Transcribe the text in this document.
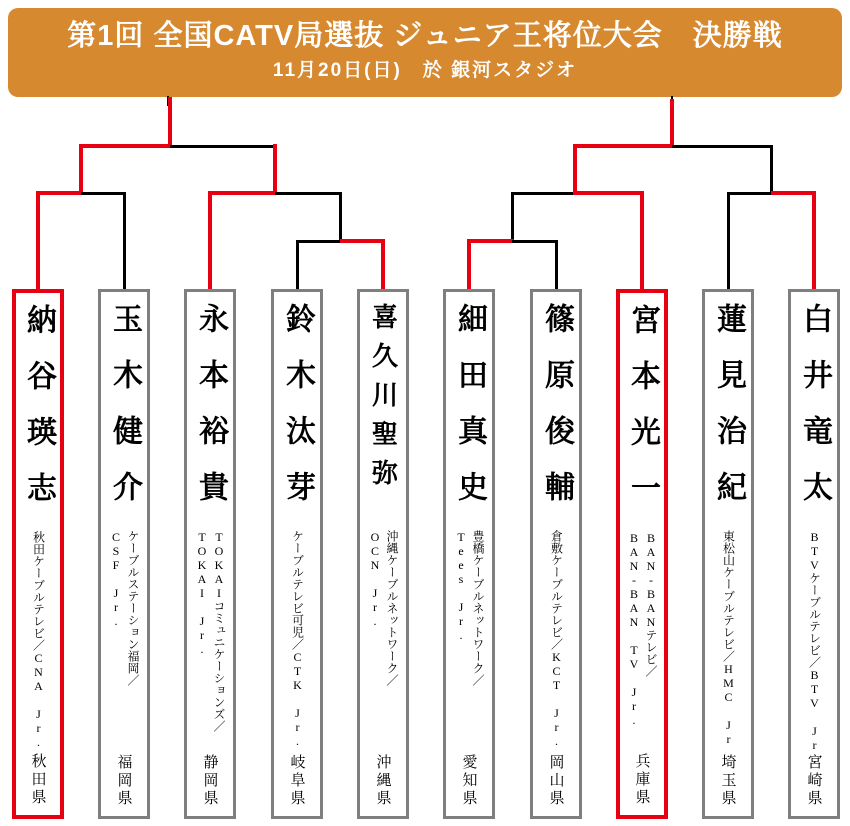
第1回 全国CATV局選抜 ジュニア王将位大会　決勝戦
11月20日(日)　於 銀河スタジオ
納谷瑛志
秋田ケーブルテレビ／CNA Jr.
秋田県
玉木健介
ケーブルステーション福岡／
CSF Jr.
福岡県
永本裕貴
TOKAIコミュニケーションズ／
TOKAI Jr.
静岡県
鈴木汰芽
ケーブルテレビ可児／CTK Jr.
岐阜県
喜久川聖弥
沖縄ケーブルネットワーク／
OCN Jr.
沖縄県
細田真史
豊橋ケーブルネットワーク／
Tees Jr.
愛知県
篠原俊輔
倉敷ケーブルテレビ／KCT Jr.
岡山県
宮本光一
BAN-BANテレビ／
BAN-BAN TV Jr.
兵庫県
蓮見治紀
東松山ケーブルテレビ／HMC Jr.
埼玉県
白井竜太
BTVケーブルテレビ／BTV Jr.
宮崎県
